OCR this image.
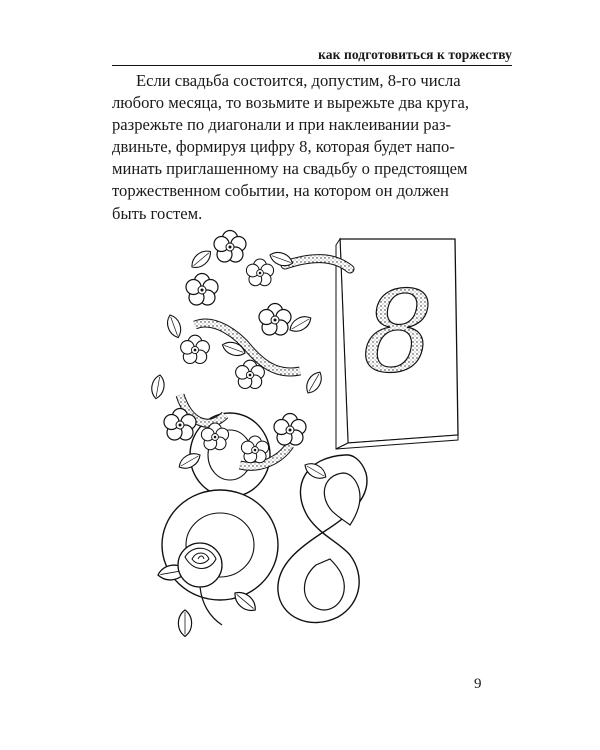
как подготовиться к торжеству

Если свадьба состоится, допустим, 8-го числа

любого месяца, то возьмите и вырежьте два круга,

разрежьте по диагонали и при наклеивании раз-

двиньте, формируя цифру 8, которая будет напо-

минать приглашенному на свадьбу о предстоящем

торжественном событии, на котором он должен

быть гостем.

8
9
